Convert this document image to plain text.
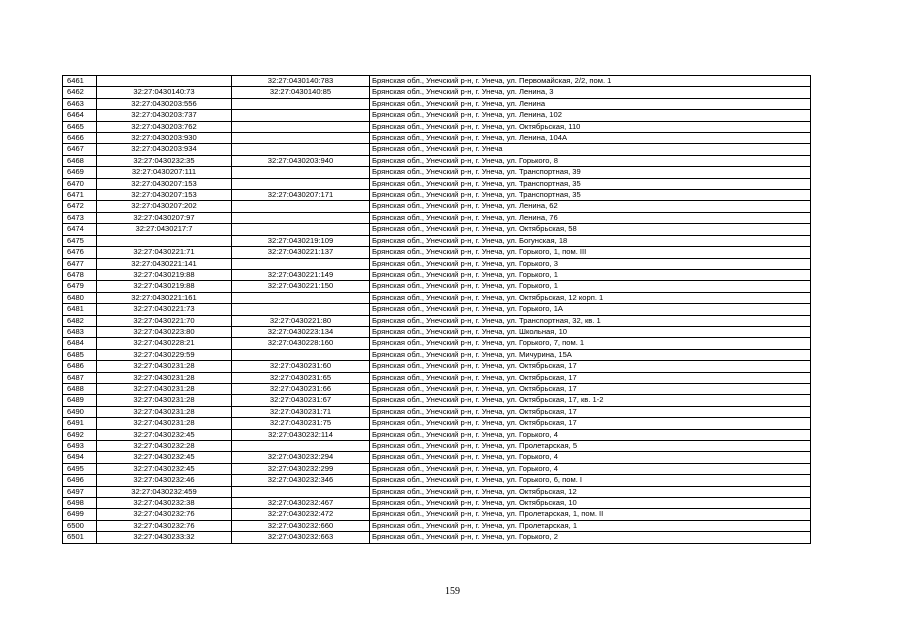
6461		32:27:0430140:783	Брянская обл., Унечский р-н, г. Унеча, ул. Первомайская, 2/2, пом. 1
6462	32:27:0430140:73	32:27:0430140:85	Брянская обл., Унечский р-н, г. Унеча, ул. Ленина, 3
6463	32:27:0430203:556		Брянская обл., Унечский р-н, г. Унеча, ул. Ленина
6464	32:27:0430203:737		Брянская обл., Унечский р-н, г. Унеча, ул. Ленина, 102
6465	32:27:0430203:762		Брянская обл., Унечский р-н, г. Унеча, ул. Октябрьская, 110
6466	32:27:0430203:930		Брянская обл., Унечский р-н, г. Унеча, ул. Ленина, 104А
6467	32:27:0430203:934		Брянская обл., Унечский р-н, г. Унеча
6468	32:27:0430232:35	32:27:0430203:940	Брянская обл., Унечский р-н, г. Унеча, ул. Горького, 8
6469	32:27:0430207:111		Брянская обл., Унечский р-н, г. Унеча, ул. Транспортная, 39
6470	32:27:0430207:153		Брянская обл., Унечский р-н, г. Унеча, ул. Транспортная, 35
6471	32:27:0430207:153	32:27:0430207:171	Брянская обл., Унечский р-н, г. Унеча, ул. Транспортная, 35
6472	32:27:0430207:202		Брянская обл., Унечский р-н, г. Унеча, ул. Ленина, 62
6473	32:27:0430207:97		Брянская обл., Унечский р-н, г. Унеча, ул. Ленина, 76
6474	32:27:0430217:7		Брянская обл., Унечский р-н, г. Унеча, ул. Октябрьская, 58
6475		32:27:0430219:109	Брянская обл., Унечский р-н, г. Унеча, ул. Богунская, 18
6476	32:27:0430221:71	32:27:0430221:137	Брянская обл., Унечский р-н, г. Унеча, ул. Горького, 1, пом. III
6477	32:27:0430221:141		Брянская обл., Унечский р-н, г. Унеча, ул. Горького, 3
6478	32:27:0430219:88	32:27:0430221:149	Брянская обл., Унечский р-н, г. Унеча, ул. Горького, 1
6479	32:27:0430219:88	32:27:0430221:150	Брянская обл., Унечский р-н, г. Унеча, ул. Горького, 1
6480	32:27:0430221:161		Брянская обл., Унечский р-н, г. Унеча, ул. Октябрьская, 12 корп. 1
6481	32:27:0430221:73		Брянская обл., Унечский р-н, г. Унеча, ул. Горького, 1А
6482	32:27:0430221:70	32:27:0430221:80	Брянская обл., Унечский р-н, г. Унеча, ул. Транспортная, 32, кв. 1
6483	32:27:0430223:80	32:27:0430223:134	Брянская обл., Унечский р-н, г. Унеча, ул. Школьная, 10
6484	32:27:0430228:21	32:27:0430228:160	Брянская обл., Унечский р-н, г. Унеча, ул. Горького, 7, пом. 1
6485	32:27:0430229:59		Брянская обл., Унечский р-н, г. Унеча, ул. Мичурина, 15А
6486	32:27:0430231:28	32:27:0430231:60	Брянская обл., Унечский р-н, г. Унеча, ул. Октябрьская, 17
6487	32:27:0430231:28	32:27:0430231:65	Брянская обл., Унечский р-н, г. Унеча, ул. Октябрьская, 17
6488	32:27:0430231:28	32:27:0430231:66	Брянская обл., Унечский р-н, г. Унеча, ул. Октябрьская, 17
6489	32:27:0430231:28	32:27:0430231:67	Брянская обл., Унечский р-н, г. Унеча, ул. Октябрьская, 17, кв. 1-2
6490	32:27:0430231:28	32:27:0430231:71	Брянская обл., Унечский р-н, г. Унеча, ул. Октябрьская, 17
6491	32:27:0430231:28	32:27:0430231:75	Брянская обл., Унечский р-н, г. Унеча, ул. Октябрьская, 17
6492	32:27:0430232:45	32:27:0430232:114	Брянская обл., Унечский р-н, г. Унеча, ул. Горького, 4
6493	32:27:0430232:28		Брянская обл., Унечский р-н, г. Унеча, ул. Пролетарская, 5
6494	32:27:0430232:45	32:27:0430232:294	Брянская обл., Унечский р-н, г. Унеча, ул. Горького, 4
6495	32:27:0430232:45	32:27:0430232:299	Брянская обл., Унечский р-н, г. Унеча, ул. Горького, 4
6496	32:27:0430232:46	32:27:0430232:346	Брянская обл., Унечский р-н, г. Унеча, ул. Горького, 6, пом. I
6497	32:27:0430232:459		Брянская обл., Унечский р-н, г. Унеча, ул. Октябрьская, 12
6498	32:27:0430232:38	32:27:0430232:467	Брянская обл., Унечский р-н, г. Унеча, ул. Октябрьская, 10
6499	32:27:0430232:76	32:27:0430232:472	Брянская обл., Унечский р-н, г. Унеча, ул. Пролетарская, 1, пом. II
6500	32:27:0430232:76	32:27:0430232:660	Брянская обл., Унечский р-н, г. Унеча, ул. Пролетарская, 1
6501	32:27:0430233:32	32:27:0430232:663	Брянская обл., Унечский р-н, г. Унеча, ул. Горького, 2
159
